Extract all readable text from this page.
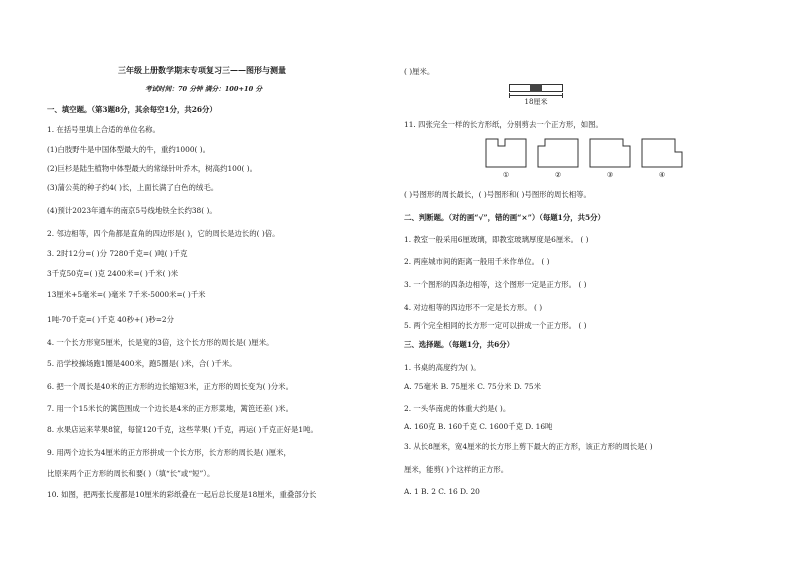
三年级上册数学期末专项复习三——图形与测量
考试时间：70 分钟 满分：100+10 分
一、填空题。（第3题8分，其余每空1分，共26分）
1. 在括号里填上合适的单位名称。
(1)白肢野牛是中国体型最大的牛，重约1000( )。
(2)巨杉是陆生植物中体型最大的常绿针叶乔木，树高约100( )。
(3)蒲公英的种子约4( )长，上面长满了白色的绒毛。
(4)预计2023年通车的南京5号线地铁全长约38( )。
2. 邻边相等，四个角都是直角的四边形是( )，它的周长是边长的( )倍。
3. 2时12分=( )分 7280千克=( )吨( )千克
3千克50克=( )克 2400米=( )千米( )米
13厘米+5毫米=( )毫米 7千米-5000米=( )千米
1吨-70千克=( )千克 40秒+( )秒=2分
4. 一个长方形宽5厘米，长是宽的3倍，这个长方形的周长是( )厘米。
5. 沿学校操场跑1圈是400米，跑5圈是( )米，合( )千米。
6. 把一个周长是40米的正方形的边长缩短3米，正方形的周长变为( )分米。
7. 用一个15米长的篱笆围成一个边长是4米的正方形菜地，篱笆还差( )米。
8. 水果店运来苹果8筐，每筐120千克，这些苹果( )千克，再运( )千克正好是1吨。
9. 用两个边长为4厘米的正方形拼成一个长方形，长方形的周长是( )厘米，
比原来两个正方形的周长和要( )（填“长”或“短”）。
10. 如图，把两张长度都是10厘米的彩纸叠在一起后总长度是18厘米，重叠部分长
( )厘米。
11. 四张完全一样的长方形纸，分别剪去一个正方形，如图。
( )号图形的周长最长，( )号图形和( )号图形的周长相等。
二、判断题。（对的画“√”，错的画“×”）（每题1分，共5分）
1. 教室一般采用6厘玻璃，即教室玻璃厚度是6厘米。 ( )
2. 两座城市间的距离一般用千米作单位。 ( )
3. 一个图形的四条边相等，这个图形一定是正方形。 ( )
4. 对边相等的四边形不一定是长方形。 ( )
5. 两个完全相同的长方形一定可以拼成一个正方形。 ( )
三、选择题。（每题1分，共6分）
1. 书桌的高度约为( )。
A. 75毫米 B. 75厘米 C. 75分米 D. 75米
2. 一头华南虎的体重大约是( )。
A. 160克 B. 160千克 C. 1600千克 D. 16吨
3. 从长8厘米，宽4厘米的长方形上剪下最大的正方形，该正方形的周长是( )
厘米，能剪( )个这样的正方形。
A. 1 B. 2 C. 16 D. 20
18厘米
①	②	③	④
